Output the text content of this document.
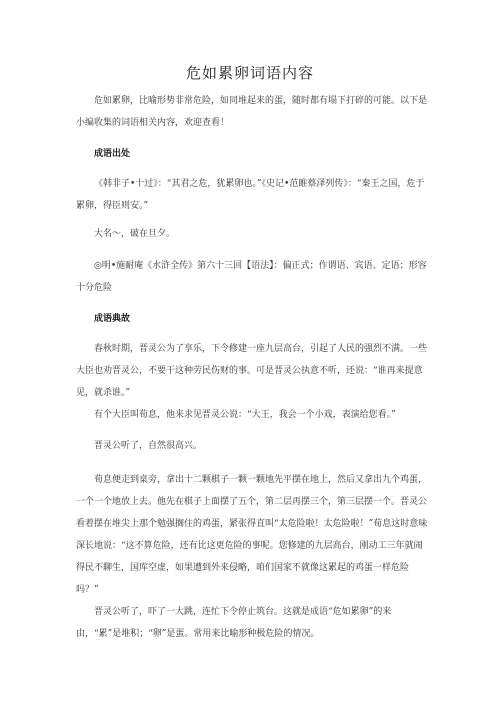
危如累卵词语内容

危如累卵，比喻形势非常危险，如同堆起来的蛋，随时都有塌下打碎的可能。以下是小编收集的词语相关内容，欢迎查看！

成语出处

《韩非子•十过》：“其君之危，犹累卵也。”《史记•范睢蔡泽列传》：“秦王之国，危于累卵，得臣则安。”

大名～，破在旦夕。

◎明•施耐庵《水浒全传》第六十三回【语法】：偏正式；作谓语、宾语、定语；形容十分危险

成语典故

春秋时期，晋灵公为了享乐，下令修建一座九层高台，引起了人民的强烈不满。一些大臣也劝晋灵公，不要干这种劳民伤财的事。可是晋灵公执意不听，还说：“谁再来提意见，就杀谁。”

有个大臣叫荀息，他来求见晋灵公说：“大王，我会一个小戏，表演给您看。”

晋灵公听了，自然很高兴。

荀息便走到桌旁，拿出十二颗棋子一颗一颗地先平摆在地上，然后又拿出九个鸡蛋，一个一个地放上去。他先在棋子上面摆了五个，第二层再摆三个，第三层摆一个。晋灵公看着摆在堆尖上那个勉强搁住的鸡蛋，紧张得直叫“太危险啦！太危险啦！”荀息这时意味深长地说：“这不算危险，还有比这更危险的事呢。您修建的九层高台，刚动工三年就闹得民不聊生，国库空虚，如果遭到外来侵略，咱们国家不就像这累起的鸡蛋一样危险吗？”

晋灵公听了，吓了一大跳，连忙下令停止筑台。这就是成语“危如累卵”的来由，“累”是堆积；“卵”是蛋。常用来比喻形种极危险的情况。
